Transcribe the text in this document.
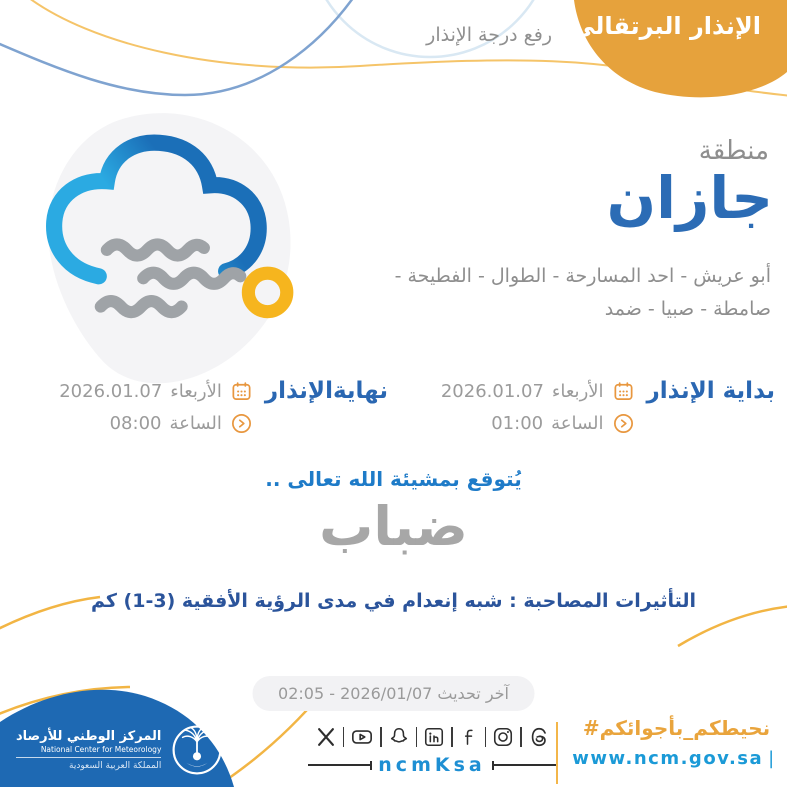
الإنذار البرتقالي
رفع درجة الإنذار
منطقة
جازان
أبو عريش - احد المسارحة - الطوال - الفطيحة - صامطة - صبيا - ضمد
بداية الإنذار
الأربعاء
2026.01.07
الساعة
01:00
نهايةالإنذار
الأربعاء
2026.01.07
الساعة
08:00
يُتوقع بمشيئة الله تعالى ..
ضباب
التأثيرات المصاحبة : شبه إنعدام في مدى الرؤية الأفقية (3-1) كم
آخر تحديث 2026/01/07 - 02:05
المركز الوطني للأرصاد
National Center for Meteorology
المملكة العربية السعودية	ncmKsa
#نحيطكم_بأجوائكم
www.ncm.gov.sa |
